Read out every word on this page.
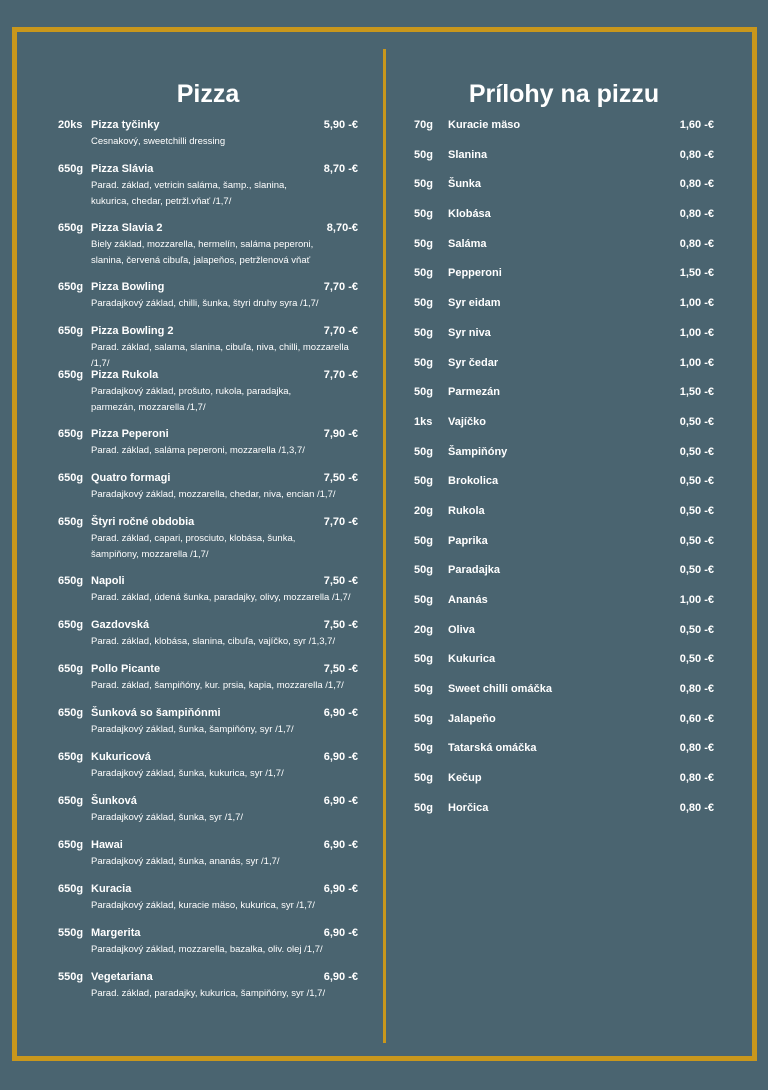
Pizza	Prílohy na pizzu
20ks Pizza tyčinky	5,90 -€
Cesnakový, sweetchilli dressing
650g Pizza Slávia	8,70 -€
Parad. základ, vetricin saláma, šamp., slanina,
kukurica, chedar, petržl.vňať /1,7/
650g Pizza Slavia 2	8,70-€
Biely základ, mozzarella, hermelín, saláma peperoni,
slanina, červená cibuľa, jalapeňos, petržlenová vňať
650g Pizza Bowling	7,70 -€
Paradajkový základ, chilli, šunka, štyri druhy syra /1,7/
650g Pizza Bowling 2	7,70 -€
Parad. základ, salama, slanina, cibuľa, niva, chilli, mozzarella /1,7/
650g Pizza Rukola	7,70 -€
Paradajkový základ, prošuto, rukola, paradajka,
parmezán, mozzarella /1,7/
650g Pizza Peperoni	7,90 -€
Parad. základ, saláma peperoni, mozzarella /1,3,7/
650g Quatro formagi	7,50 -€
Paradajkový základ, mozzarella, chedar, niva, encian /1,7/
650g Štyri ročné obdobia	7,70 -€
Parad. základ, capari, prosciuto, klobása, šunka,
šampiňony, mozzarella /1,7/
650g Napoli	7,50 -€
Parad. základ, údená šunka, paradajky, olivy, mozzarella /1,7/
650g Gazdovská	7,50 -€
Parad. základ, klobása, slanina, cibuľa, vajíčko, syr /1,3,7/
650g Pollo Picante	7,50 -€
Parad. základ, šampiňóny, kur. prsia, kapia, mozzarella /1,7/
650g Šunková so šampiňónmi	6,90 -€
Paradajkový základ, šunka, šampiňóny, syr /1,7/
650g Kukuricová	6,90 -€
Paradajkový základ, šunka, kukurica, syr /1,7/
650g Šunková	6,90 -€
Paradajkový základ, šunka, syr /1,7/
650g Hawai	6,90 -€
Paradajkový základ, šunka, ananás, syr /1,7/
650g Kuracia	6,90 -€
Paradajkový základ, kuracie mäso, kukurica, syr /1,7/
550g Margerita	6,90 -€
Paradajkový základ, mozzarella, bazalka, oliv. olej /1,7/
550g Vegetariana	6,90 -€
Parad. základ, paradajky, kukurica, šampiňóny, syr /1,7/
70g Kuracie mäso	1,60 -€
50g Slanina	0,80 -€
50g Šunka	0,80 -€
50g Klobása	0,80 -€
50g Saláma	0,80 -€
50g Pepperoni	1,50 -€
50g Syr eidam	1,00 -€
50g Syr niva	1,00 -€
50g Syr čedar	1,00 -€
50g Parmezán	1,50 -€
1ks Vajíčko	0,50 -€
50g Šampiňóny	0,50 -€
50g Brokolica	0,50 -€
20g Rukola	0,50 -€
50g Paprika	0,50 -€
50g Paradajka	0,50 -€
50g Ananás	1,00 -€
20g Oliva	0,50 -€
50g Kukurica	0,50 -€
50g Sweet chilli omáčka	0,80 -€
50g Jalapeňo	0,60 -€
50g Tatarská omáčka	0,80 -€
50g Kečup	0,80 -€
50g Horčica	0,80 -€
